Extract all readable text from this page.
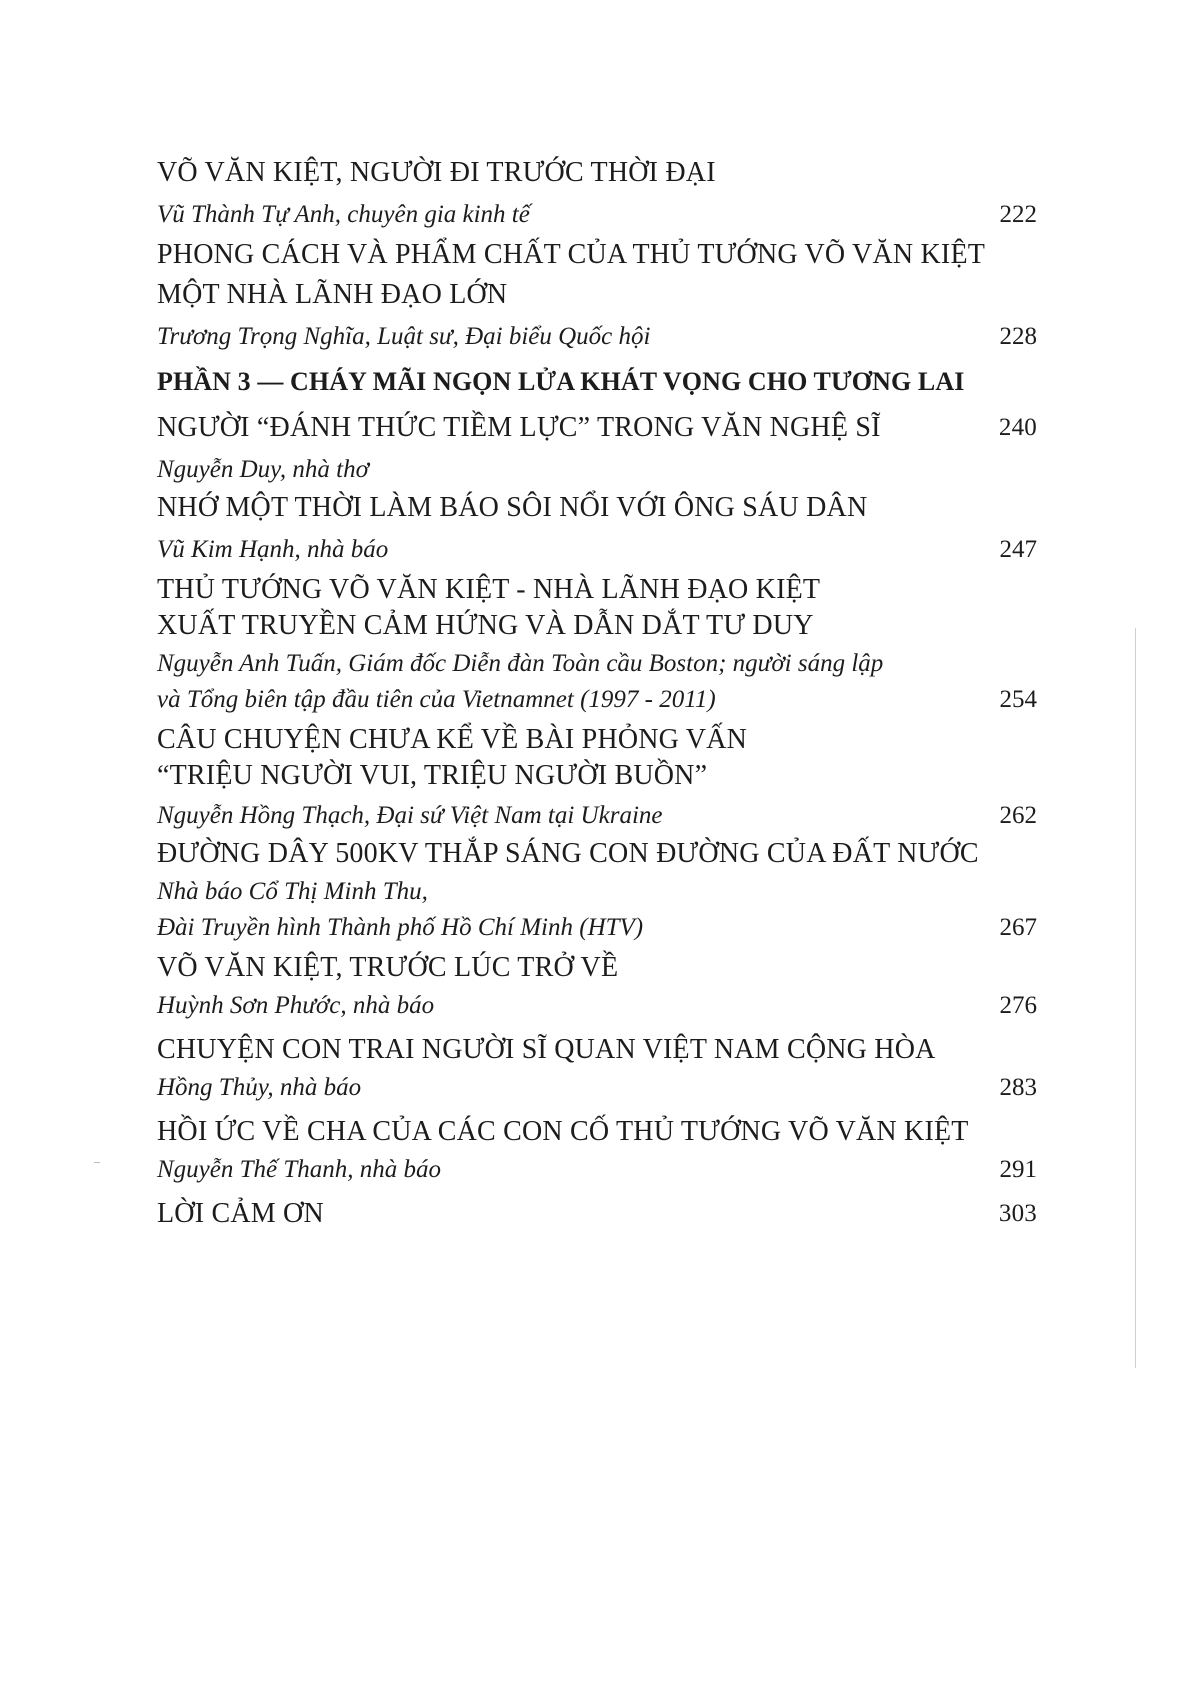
VÕ VĂN KIỆT, NGƯỜI ĐI TRƯỚC THỜI ĐẠI
Vũ Thành Tự Anh, chuyên gia kinh tế	222
PHONG CÁCH VÀ PHẨM CHẤT CỦA THỦ TƯỚNG VÕ VĂN KIỆT
MỘT NHÀ LÃNH ĐẠO LỚN
Trương Trọng Nghĩa, Luật sư, Đại biểu Quốc hội	228
PHẦN 3 — CHÁY MÃI NGỌN LỬA KHÁT VỌNG CHO TƯƠNG LAI
NGƯỜI “ĐÁNH THỨC TIỀM LỰC” TRONG VĂN NGHỆ SĨ	240
Nguyễn Duy, nhà thơ
NHỚ MỘT THỜI LÀM BÁO SÔI NỔI VỚI ÔNG SÁU DÂN
Vũ Kim Hạnh, nhà báo	247
THỦ TƯỚNG VÕ VĂN KIỆT - NHÀ LÃNH ĐẠO KIỆT
XUẤT TRUYỀN CẢM HỨNG VÀ DẪN DẮT TƯ DUY
Nguyễn Anh Tuấn, Giám đốc Diễn đàn Toàn cầu Boston; người sáng lập
và Tổng biên tập đầu tiên của Vietnamnet (1997 - 2011)	254
CÂU CHUYỆN CHƯA KỂ VỀ BÀI PHỎNG VẤN
“TRIỆU NGƯỜI VUI, TRIỆU NGƯỜI BUỒN”
Nguyễn Hồng Thạch, Đại sứ Việt Nam tại Ukraine	262
ĐƯỜNG DÂY 500KV THẮP SÁNG CON ĐƯỜNG CỦA ĐẤT NƯỚC
Nhà báo Cổ Thị Minh Thu,
Đài Truyền hình Thành phố Hồ Chí Minh (HTV)	267
VÕ VĂN KIỆT, TRƯỚC LÚC TRỞ VỀ
Huỳnh Sơn Phước, nhà báo	276
CHUYỆN CON TRAI NGƯỜI SĨ QUAN VIỆT NAM CỘNG HÒA
Hồng Thủy, nhà báo	283
HỒI ỨC VỀ CHA CỦA CÁC CON CỐ THỦ TƯỚNG VÕ VĂN KIỆT
Nguyễn Thế Thanh, nhà báo	291
LỜI CẢM ƠN	303
